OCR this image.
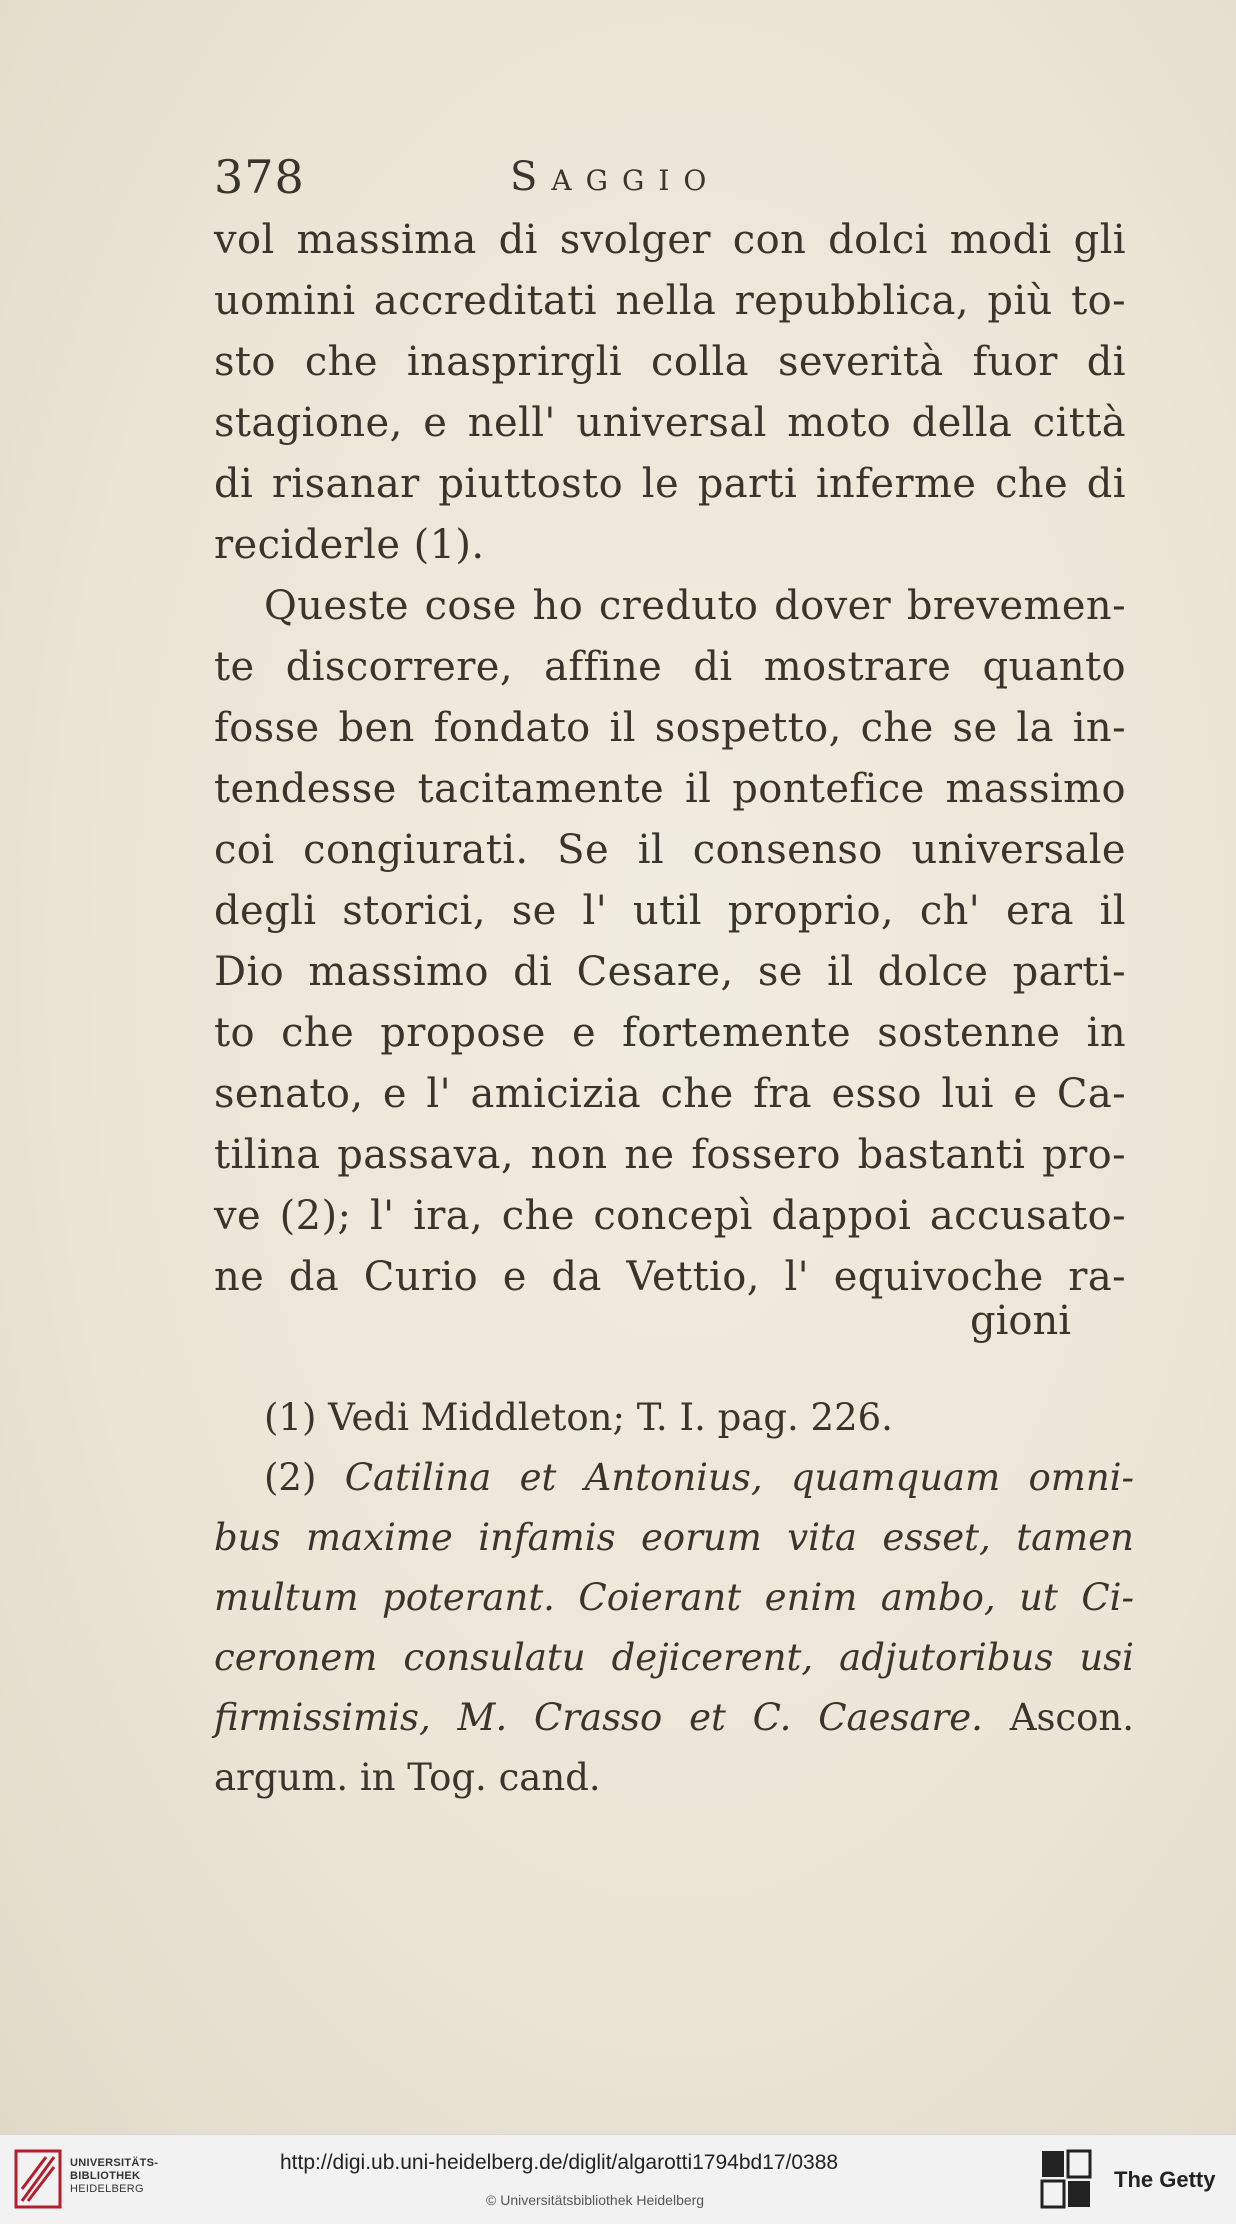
378	Saggio
vol massima di svolger con dolci modi gli
uomini accreditati nella repubblica, più to-
sto che inasprirgli colla severità fuor di
stagione, e nell' universal moto della città
di risanar piuttosto le parti inferme che di
reciderle (1).
Queste cose ho creduto dover brevemen-
te discorrere, affine di mostrare quanto
fosse ben fondato il sospetto, che se la in-
tendesse tacitamente il pontefice massimo
coi congiurati. Se il consenso universale
degli storici, se l' util proprio, ch' era il
Dio massimo di Cesare, se il dolce parti-
to che propose e fortemente sostenne in
senato, e l' amicizia che fra esso lui e Ca-
tilina passava, non ne fossero bastanti pro-
ve (2); l' ira, che concepì dappoi accusato-
ne da Curio e da Vettio, l' equivoche ra-
gioni
(1) Vedi Middleton; T. I. pag. 226.
(2) Catilina et Antonius, quamquam omni-
bus maxime infamis eorum vita esset, tamen
multum poterant. Coierant enim ambo, ut Ci-
ceronem consulatu dejicerent, adjutoribus usi
firmissimis, M. Crasso et C. Caesare. Ascon.
argum. in Tog. cand.
UNIVERSITÄTS-
BIBLIOTHEK
HEIDELBERG
http://digi.ub.uni-heidelberg.de/diglit/algarotti1794bd17/0388
© Universitätsbibliothek Heidelberg
The Getty
